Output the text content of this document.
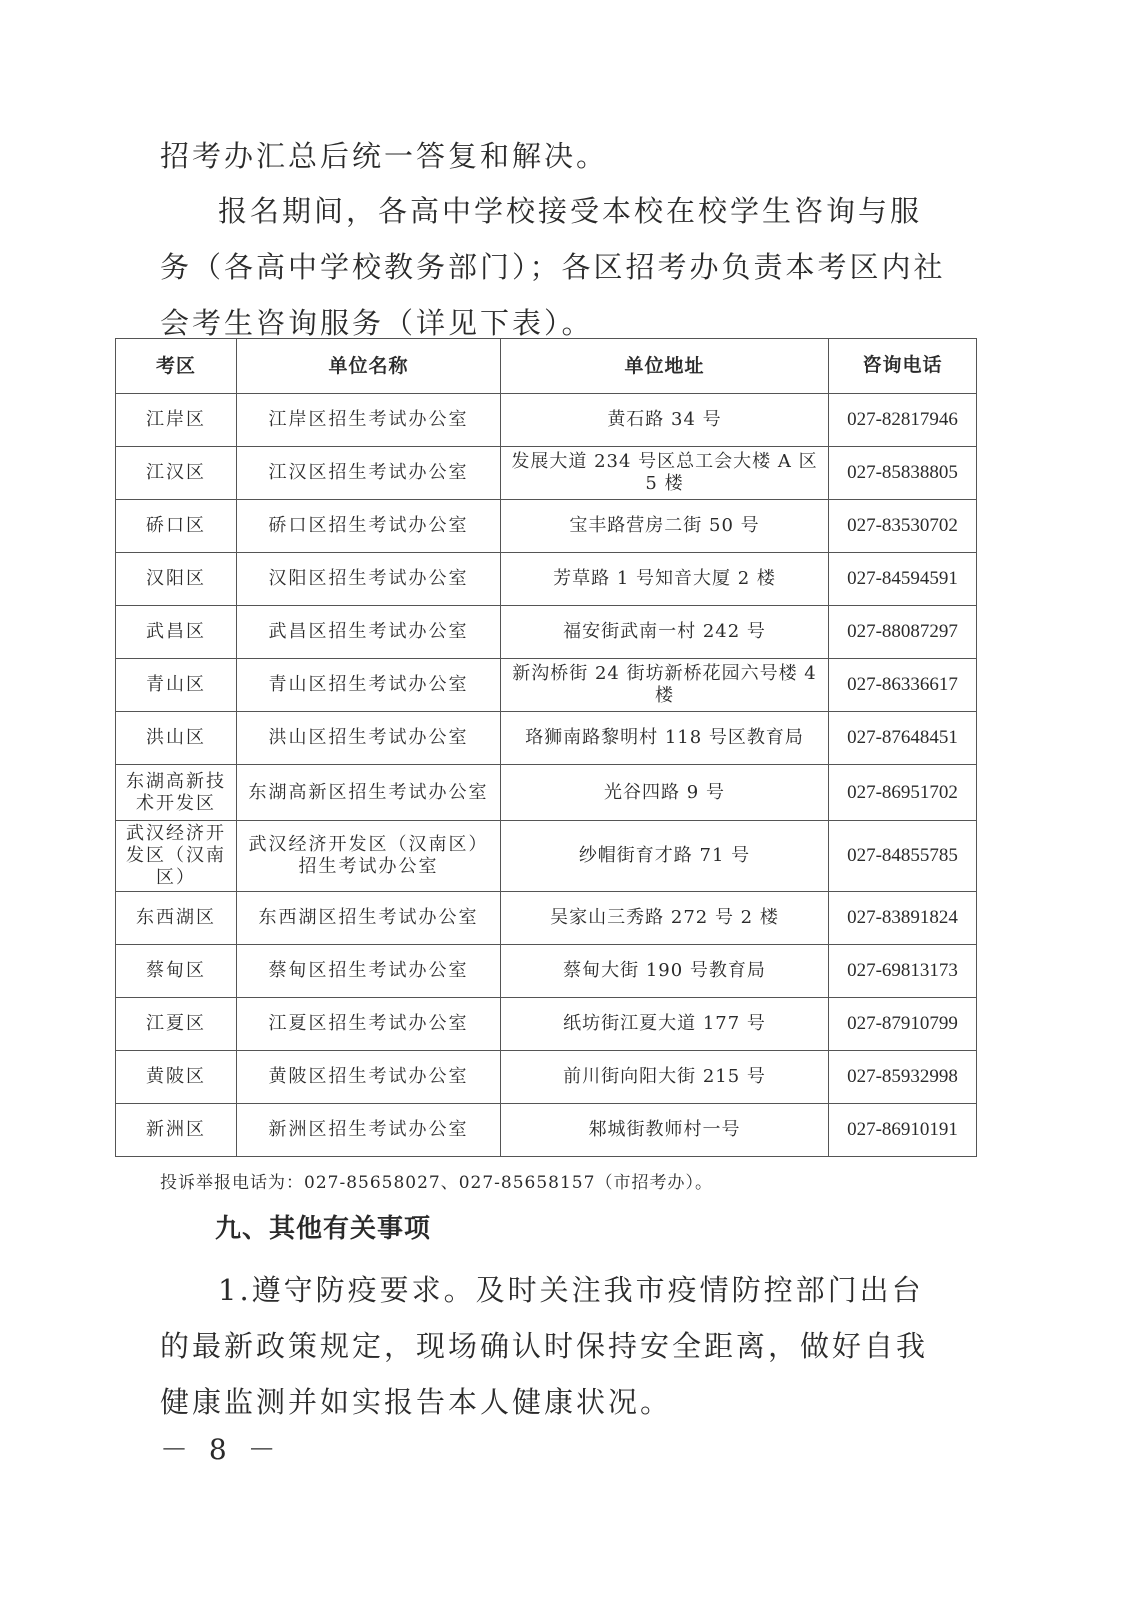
招考办汇总后统一答复和解决。

报名期间，各高中学校接受本校在校学生咨询与服务（各高中学校教务部门）；各区招考办负责本考区内社会考生咨询服务（详见下表）。

考区	单位名称	单位地址	咨询电话
江岸区	江岸区招生考试办公室	黄石路 34 号	027-82817946
江汉区	江汉区招生考试办公室	发展大道 234 号区总工会大楼 A 区 5 楼	027-85838805
硚口区	硚口区招生考试办公室	宝丰路营房二街 50 号	027-83530702
汉阳区	汉阳区招生考试办公室	芳草路 1 号知音大厦 2 楼	027-84594591
武昌区	武昌区招生考试办公室	福安街武南一村 242 号	027-88087297
青山区	青山区招生考试办公室	新沟桥街 24 街坊新桥花园六号楼 4 楼	027-86336617
洪山区	洪山区招生考试办公室	珞狮南路黎明村 118 号区教育局	027-87648451
东湖高新技术开发区	东湖高新区招生考试办公室	光谷四路 9 号	027-86951702
武汉经济开发区（汉南区）	武汉经济开发区（汉南区）招生考试办公室	纱帽街育才路 71 号	027-84855785
东西湖区	东西湖区招生考试办公室	吴家山三秀路 272 号 2 楼	027-83891824
蔡甸区	蔡甸区招生考试办公室	蔡甸大街 190 号教育局	027-69813173
江夏区	江夏区招生考试办公室	纸坊街江夏大道 177 号	027-87910799
黄陂区	黄陂区招生考试办公室	前川街向阳大街 215 号	027-85932998
新洲区	新洲区招生考试办公室	邾城街教师村一号	027-86910191

投诉举报电话为：027-85658027、027-85658157（市招考办）。

九、其他有关事项

1.遵守防疫要求。及时关注我市疫情防控部门出台的最新政策规定，现场确认时保持安全距离，做好自我健康监测并如实报告本人健康状况。

－ 8 －
